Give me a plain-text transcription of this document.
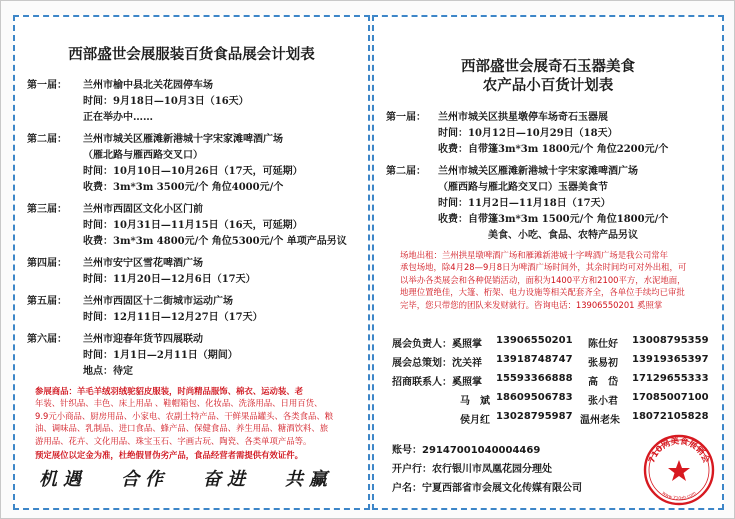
西部盛世会展服装百货食品展会计划表
第一届： 兰州市榆中县北关花园停车场
时间：9月18日—10月3日（16天）
正在举办中……
第二届： 兰州市城关区雁滩新港城十字宋家滩啤酒广场
（雁北路与雁西路交叉口）
时间：10月10日—10月26日（17天，可延期）
收费：3m*3m 3500元/个 角位4000元/个
第三届： 兰州市西固区文化小区门前
时间：10月31日—11月15日（16天，可延期）
收费：3m*3m 4800元/个 角位5300元/个 单项产品另议
第四届： 兰州市安宁区雪花啤酒广场
时间：11月20日—12月6日（17天）
第五届： 兰州市西固区十二街城市运动广场
时间：12月11日—12月27日（17天）
第六届： 兰州市迎春年货节四展联动
时间：1月1日—2月11日（期间）
地点：待定
参展商品：羊毛羊绒羽绒驼貂皮服装，时尚精品服饰、棉衣、运动装、老
年装、针织品、丰色、床上用品 、鞋帽箱包、化妆品、洗涤用品、日用百货、
9.9元小商品、厨房用品、小家电、农副土特产品、干鲜果品罐头、各类食品、粮
油、调味品、乳制品、进口食品、蜂产品、保健食品、养生用品、糖酒饮料、旅
游用品、花卉、文化用品、珠宝玉石、字画古玩、陶瓷、各类单项产品等。
预定展位以定金为准，杜绝假冒伪劣产品，食品经营者需提供有效证件。
机遇 合作 奋进 共赢
西部盛世会展奇石玉器美食
农产品小百货计划表
第一届： 兰州市城关区拱星墩停车场奇石玉器展
时间：10月12日—10月29日（18天）
收费：自带篷3m*3m 1800元/个 角位2200元/个
第二届： 兰州市城关区雁滩新港城十字宋家滩啤酒广场
（雁西路与雁北路交叉口）玉器美食节
时间：11月2日—11月18日（17天）
收费：自带篷3m*3m 1500元/个 角位1800元/个
美食、小吃、食品、农特产品另议
场地出租：兰州拱星墩啤酒广场和雁滩新港城十字啤酒广场是我公司常年
承包场地，除4月28—9月8日为啤酒广场时间外，其余时间均可对外出租，可
以举办各类展会和各种促销活动，面积为1400平方和2100平方，水泥地面，
地理位置绝佳，大篷、桁架、电力设施等相关配套齐全，各单位手续均已审批
完毕，您只带您的团队来发财就行。咨询电话：13906550201 奚照掌
展会负责人：奚照掌 13906550201 陈仕好 13008795359
展会总策划：沈关祥 13918748747 张易初 13919365397
招商联系人：奚照掌 15593366888 高　岱 17129655333
马　斌 18609506783 张小君 17085007100
侯月红 13028795987 温州老朱 18072105828
账号：29147001040004469
开户行：农行银川市凤凰花园分理处
户名：宁夏西部省市会展文化传媒有限公司
710网美食展销会
www.710zh.com
